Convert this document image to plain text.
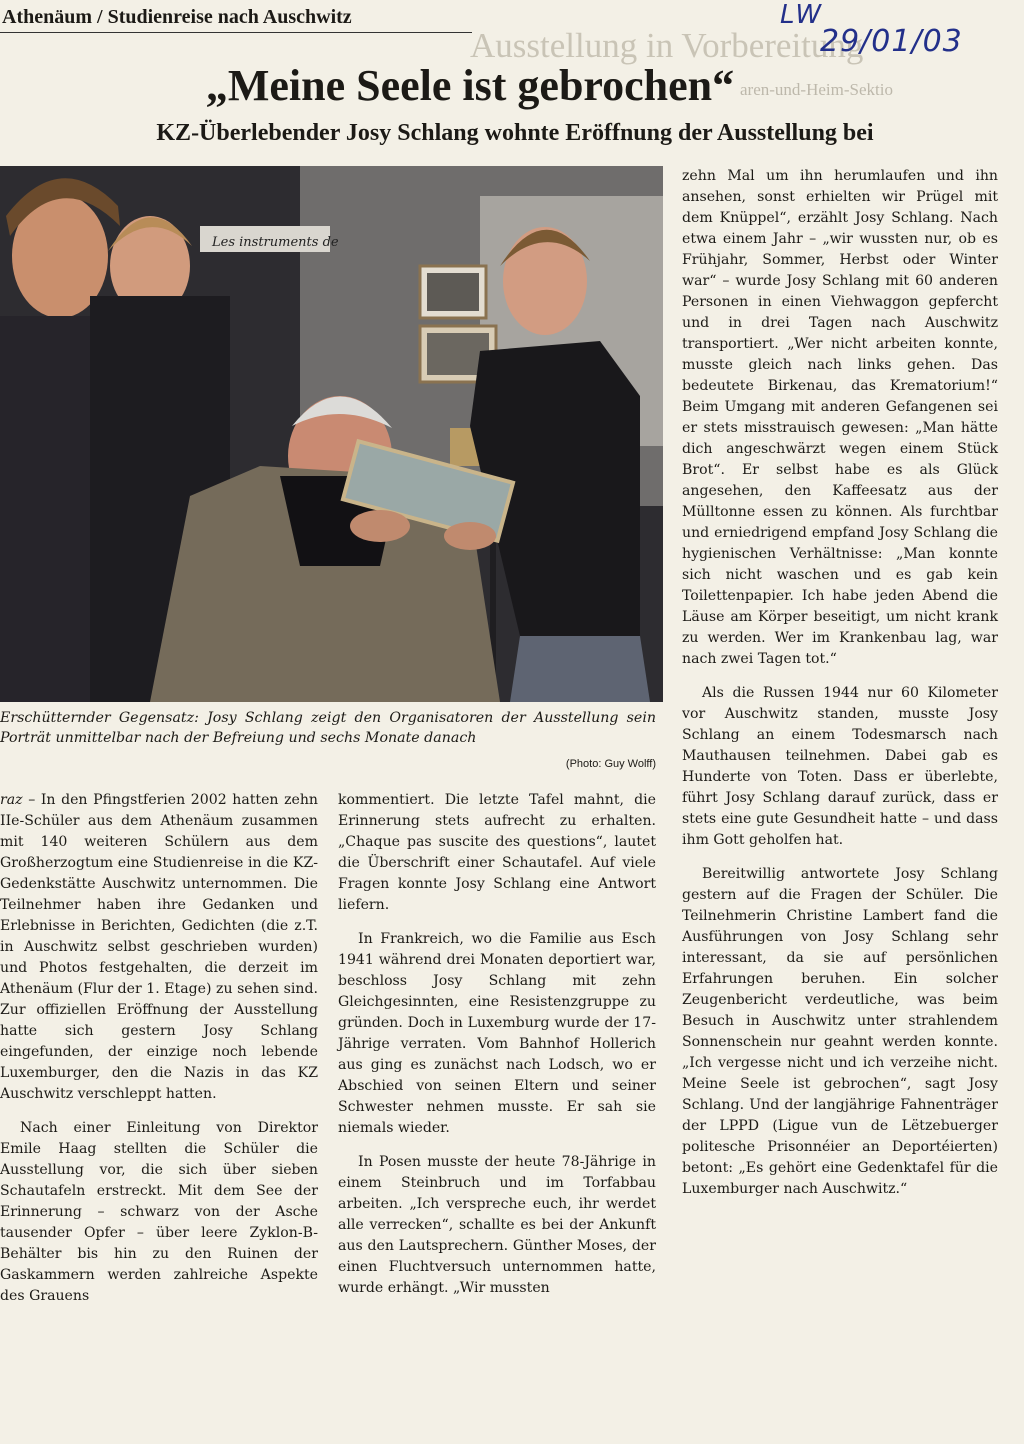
Athenäum / Studienreise nach Auschwitz
Ausstellung in Vorbereitung
aren-und-Heim-Sektio
LW
29/01/03
„Meine Seele ist gebrochen“
KZ-Überlebender Josy Schlang wohnte Eröffnung der Ausstellung bei
Les instruments de
Erschütternder Gegensatz: Josy Schlang zeigt den Organisatoren der Ausstellung sein Porträt unmittelbar nach der Befreiung und sechs Monate danach
(Photo: Guy Wolff)

raz – In den Pfingstferien 2002 hatten zehn IIe-Schüler aus dem Athenäum zusammen mit 140 weiteren Schülern aus dem Großherzogtum eine Studienreise in die KZ-Gedenkstätte Auschwitz unternommen. Die Teilnehmer haben ihre Gedanken und Erlebnisse in Berichten, Gedichten (die z.T. in Auschwitz selbst geschrieben wurden) und Photos festgehalten, die derzeit im Athenäum (Flur der 1. Etage) zu sehen sind. Zur offiziellen Eröffnung der Ausstellung hatte sich gestern Josy Schlang eingefunden, der einzige noch lebende Luxemburger, den die Nazis in das KZ Auschwitz verschleppt hatten.

Nach einer Einleitung von Direktor Emile Haag stellten die Schüler die Ausstellung vor, die sich über sieben Schautafeln erstreckt. Mit dem See der Erinnerung – schwarz von der Asche tausender Opfer – über leere Zyklon-B-Behälter bis hin zu den Ruinen der Gaskammern werden zahlreiche Aspekte des Grauens

kommentiert. Die letzte Tafel mahnt, die Erinnerung stets aufrecht zu erhalten. „Chaque pas suscite des questions“, lautet die Überschrift einer Schautafel. Auf viele Fragen konnte Josy Schlang eine Antwort liefern.

In Frankreich, wo die Familie aus Esch 1941 während drei Monaten deportiert war, beschloss Josy Schlang mit zehn Gleichgesinnten, eine Resistenzgruppe zu gründen. Doch in Luxemburg wurde der 17-Jährige verraten. Vom Bahnhof Hollerich aus ging es zunächst nach Lodsch, wo er Abschied von seinen Eltern und seiner Schwester nehmen musste. Er sah sie niemals wieder.

In Posen musste der heute 78-Jährige in einem Steinbruch und im Torfabbau arbeiten. „Ich verspreche euch, ihr werdet alle verrecken“, schallte es bei der Ankunft aus den Lautsprechern. Günther Moses, der einen Fluchtversuch unternommen hatte, wurde erhängt. „Wir mussten

zehn Mal um ihn herumlaufen und ihn ansehen, sonst erhielten wir Prügel mit dem Knüppel“, erzählt Josy Schlang. Nach etwa einem Jahr – „wir wussten nur, ob es Frühjahr, Sommer, Herbst oder Winter war“ – wurde Josy Schlang mit 60 anderen Personen in einen Viehwaggon gepfercht und in drei Tagen nach Auschwitz transportiert. „Wer nicht arbeiten konnte, musste gleich nach links gehen. Das bedeutete Birkenau, das Krematorium!“ Beim Umgang mit anderen Gefangenen sei er stets misstrauisch gewesen: „Man hätte dich angeschwärzt wegen einem Stück Brot“. Er selbst habe es als Glück angesehen, den Kaffeesatz aus der Mülltonne essen zu können. Als furchtbar und erniedrigend empfand Josy Schlang die hygienischen Verhältnisse: „Man konnte sich nicht waschen und es gab kein Toilettenpapier. Ich habe jeden Abend die Läuse am Körper beseitigt, um nicht krank zu werden. Wer im Krankenbau lag, war nach zwei Tagen tot.“

Als die Russen 1944 nur 60 Kilometer vor Auschwitz standen, musste Josy Schlang an einem Todesmarsch nach Mauthausen teilnehmen. Dabei gab es Hunderte von Toten. Dass er überlebte, führt Josy Schlang darauf zurück, dass er stets eine gute Gesundheit hatte – und dass ihm Gott geholfen hat.

Bereitwillig antwortete Josy Schlang gestern auf die Fragen der Schüler. Die Teilnehmerin Christine Lambert fand die Ausführungen von Josy Schlang sehr interessant, da sie auf persönlichen Erfahrungen beruhen. Ein solcher Zeugenbericht verdeutliche, was beim Besuch in Auschwitz unter strahlendem Sonnenschein nur geahnt werden konnte. „Ich vergesse nicht und ich verzeihe nicht. Meine Seele ist gebrochen“, sagt Josy Schlang. Und der langjährige Fahnenträger der LPPD (Ligue vun de Lëtzebuerger politesche Prisonnéier an Deportéierten) betont: „Es gehört eine Gedenktafel für die Luxemburger nach Auschwitz.“
